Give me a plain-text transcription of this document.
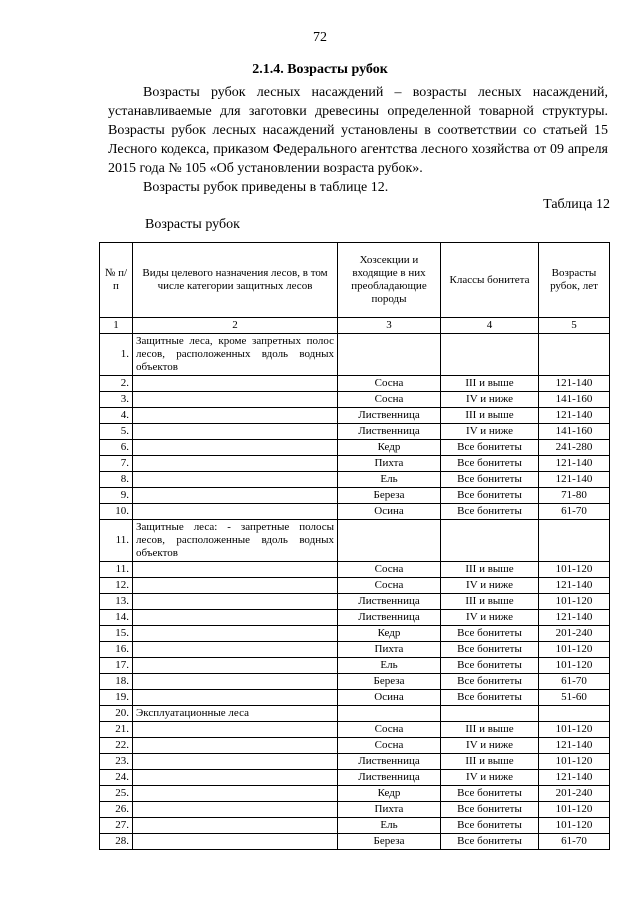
72
2.1.4. Возрасты рубок
Возрасты рубок лесных насаждений – возрасты лесных насаждений, устанавливаемые для заготовки древесины определенной товарной структуры. Возрасты рубок лесных насаждений установлены в соответствии со статьей 15 Лесного кодекса, приказом Федерального агентства лесного хозяйства от 09 апреля 2015 года № 105 «Об установлении возраста рубок».
Возрасты рубок приведены в таблице 12.
Таблица 12
Возрасты рубок
№ п/п	Виды целевого назначения лесов, в том числе категории защитных лесов	Хозсекции и входящие в них преобладающие породы	Классы бонитета	Возрасты рубок, лет
1	2	3	4	5
1.	Защитные леса, кроме запретных полос лесов, расположенных вдоль водных объектов			
2.		Сосна	III и выше	121-140
3.		Сосна	IV и ниже	141-160
4.		Лиственница	III и выше	121-140
5.		Лиственница	IV и ниже	141-160
6.		Кедр	Все бонитеты	241-280
7.		Пихта	Все бонитеты	121-140
8.		Ель	Все бонитеты	121-140
9.		Береза	Все бонитеты	71-80
10.		Осина	Все бонитеты	61-70
11.	Защитные леса: - запретные полосы лесов, расположенные вдоль водных объектов			
11.		Сосна	III и выше	101-120
12.		Сосна	IV и ниже	121-140
13.		Лиственница	III и выше	101-120
14.		Лиственница	IV и ниже	121-140
15.		Кедр	Все бонитеты	201-240
16.		Пихта	Все бонитеты	101-120
17.		Ель	Все бонитеты	101-120
18.		Береза	Все бонитеты	61-70
19.		Осина	Все бонитеты	51-60
20.	Эксплуатационные леса			
21.		Сосна	III и выше	101-120
22.		Сосна	IV и ниже	121-140
23.		Лиственница	III и выше	101-120
24.		Лиственница	IV и ниже	121-140
25.		Кедр	Все бонитеты	201-240
26.		Пихта	Все бонитеты	101-120
27.		Ель	Все бонитеты	101-120
28.		Береза	Все бонитеты	61-70
